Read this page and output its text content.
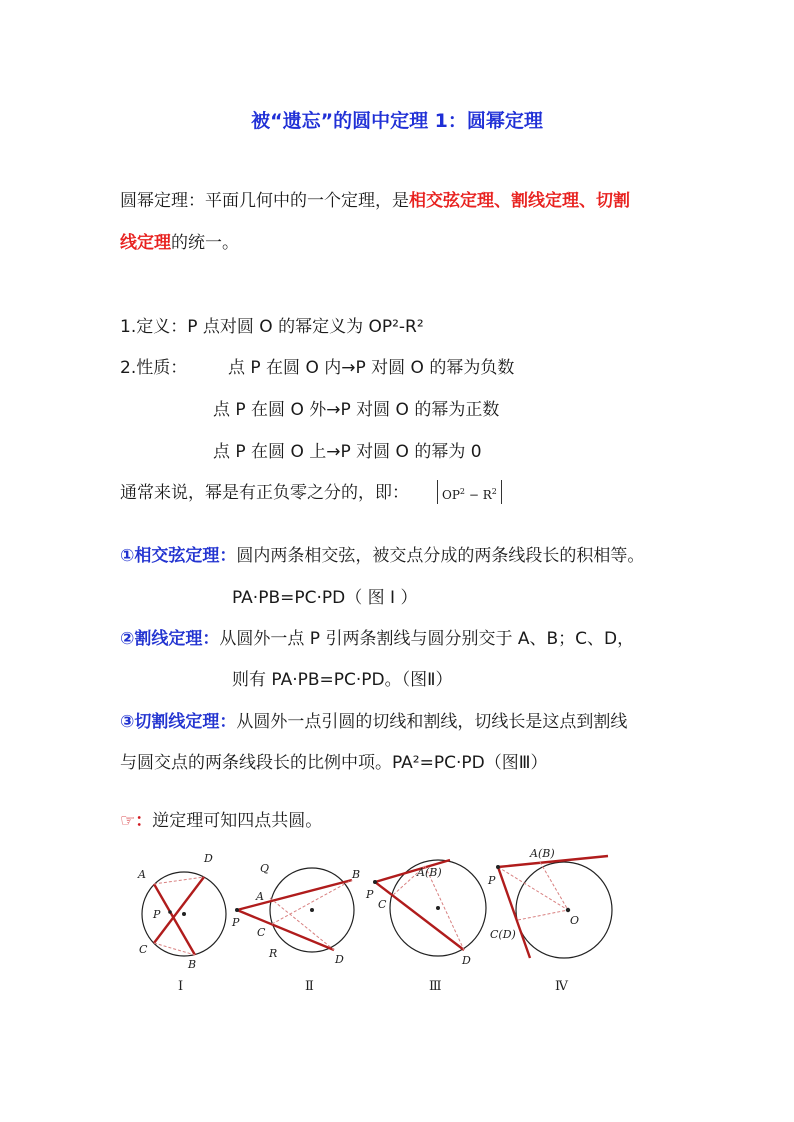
被“遗忘”的圆中定理 1：圆幂定理
圆幂定理：平面几何中的一个定理，是相交弦定理、割线定理、切割
线定理的统一。
1.定义：P 点对圆 O 的幂定义为 OP²-R²
2.性质： 点 P 在圆 O 内→P 对圆 O 的幂为负数
点 P 在圆 O 外→P 对圆 O 的幂为正数
点 P 在圆 O 上→P 对圆 O 的幂为 0
通常来说，幂是有正负零之分的，即：	$OP^2 - R^2$
①相交弦定理：圆内两条相交弦，被交点分成的两条线段长的积相等。
PA·PB=PC·PD（ 图 I ）
②割线定理：从圆外一点 P 引两条割线与圆分别交于 A、B；C、D，
则有 PA·PB=PC·PD。（图Ⅱ）
③切割线定理：从圆外一点引圆的切线和割线，切线长是这点到割线
与圆交点的两条线段长的比例中项。PA²=PC·PD（图Ⅲ）
☞：逆定理可知四点共圆。
A
D
P
C
B
Ⅰ
Q	B
A
P
C
R	D
Ⅱ
A(B)
P
C
D
Ⅲ
A(B)
P
C(D)
O
Ⅳ
